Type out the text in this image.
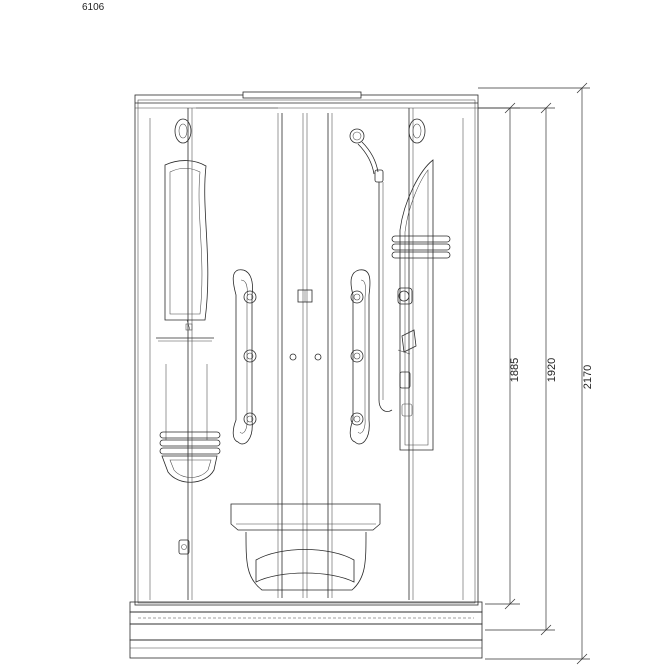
6106
1885 1920 2170
